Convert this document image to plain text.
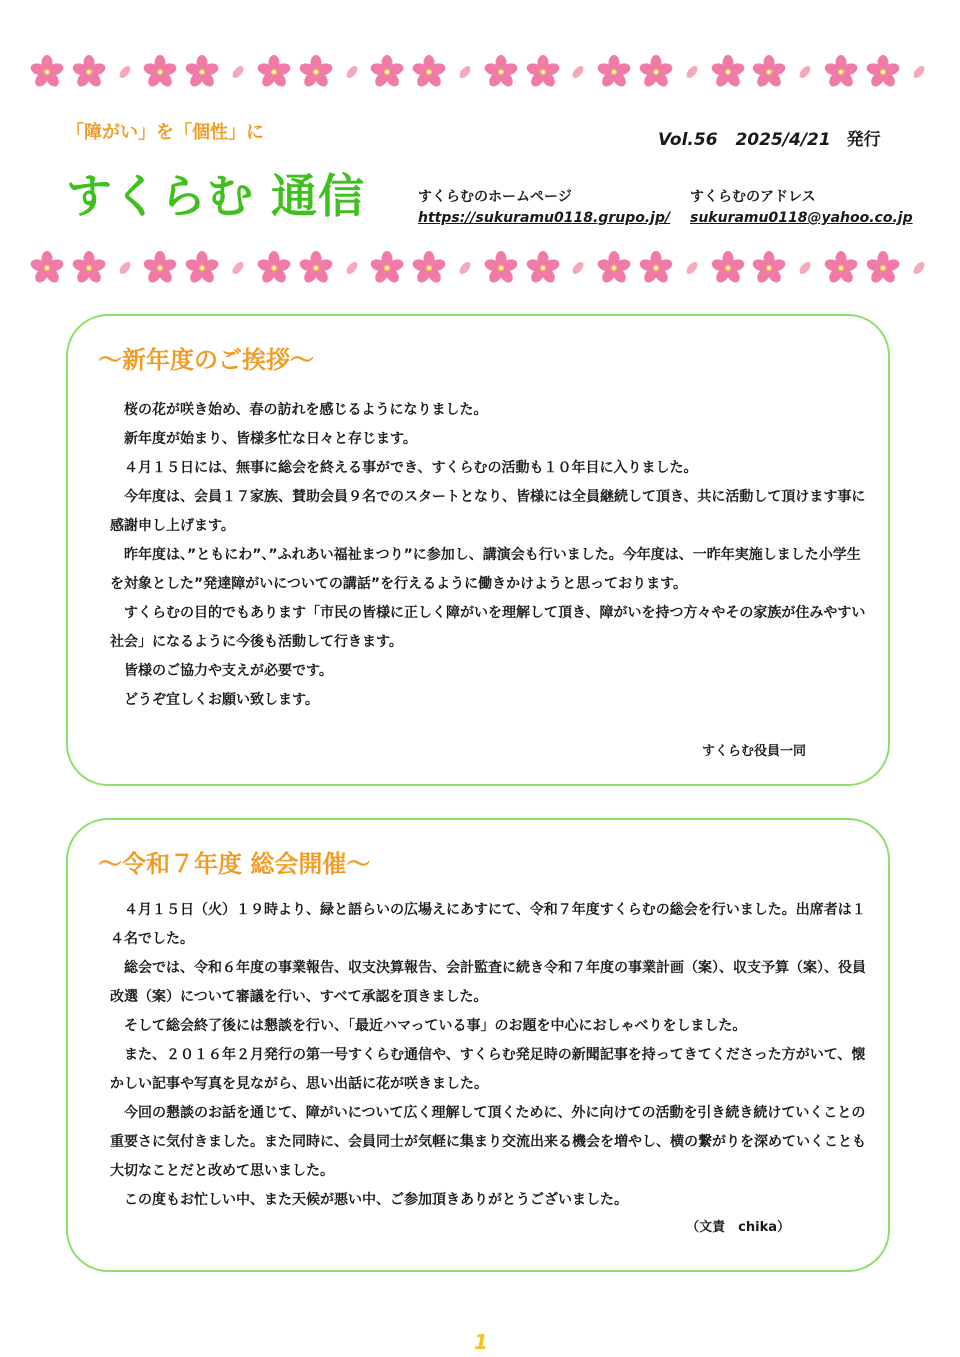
「障がい」を「個性」に
すくらむ 通信
Vol.56 2025/4/21 発行
すくらむのホームページ
https://sukuramu0118.grupo.jp/
すくらむのアドレス
sukuramu0118@yahoo.co.jp
～新年度のご挨拶～

　桜の花が咲き始め、春の訪れを感じるようになりました。

　新年度が始まり、皆様多忙な日々と存じます。

　４月１５日には、無事に総会を終える事ができ、すくらむの活動も１０年目に入りました。

　今年度は、会員１７家族、賛助会員９名でのスタートとなり、皆様には全員継続して頂き、共に活動して頂けます事に感謝申し上げます。

　昨年度は、”ともにわ”、”ふれあい福祉まつり”に参加し、講演会も行いました。今年度は、一昨年実施しました小学生を対象とした”発達障がいについての講話”を行えるように働きかけようと思っております。

　すくらむの目的でもあります「市民の皆様に正しく障がいを理解して頂き、障がいを持つ方々やその家族が住みやすい社会」になるように今後も活動して行きます。

　皆様のご協力や支えが必要です。

　どうぞ宜しくお願い致します。

すくらむ役員一同
～令和７年度 総会開催～

　４月１５日（火）１９時より、緑と語らいの広場えにあすにて、令和７年度すくらむの総会を行いました。出席者は１４名でした。

　総会では、令和６年度の事業報告、収支決算報告、会計監査に続き令和７年度の事業計画（案）、収支予算（案）、役員改選（案）について審議を行い、すべて承認を頂きました。

　そして総会終了後には懇談を行い、「最近ハマっている事」のお題を中心におしゃべりをしました。

　また、２０１６年２月発行の第一号すくらむ通信や、すくらむ発足時の新聞記事を持ってきてくださった方がいて、懐かしい記事や写真を見ながら、思い出話に花が咲きました。

　今回の懇談のお話を通じて、障がいについて広く理解して頂くために、外に向けての活動を引き続き続けていくことの重要さに気付きました。また同時に、会員同士が気軽に集まり交流出来る機会を増やし、横の繋がりを深めていくことも大切なことだと改めて思いました。

　この度もお忙しい中、また天候が悪い中、ご参加頂きありがとうございました。

（文責　chika）
1
